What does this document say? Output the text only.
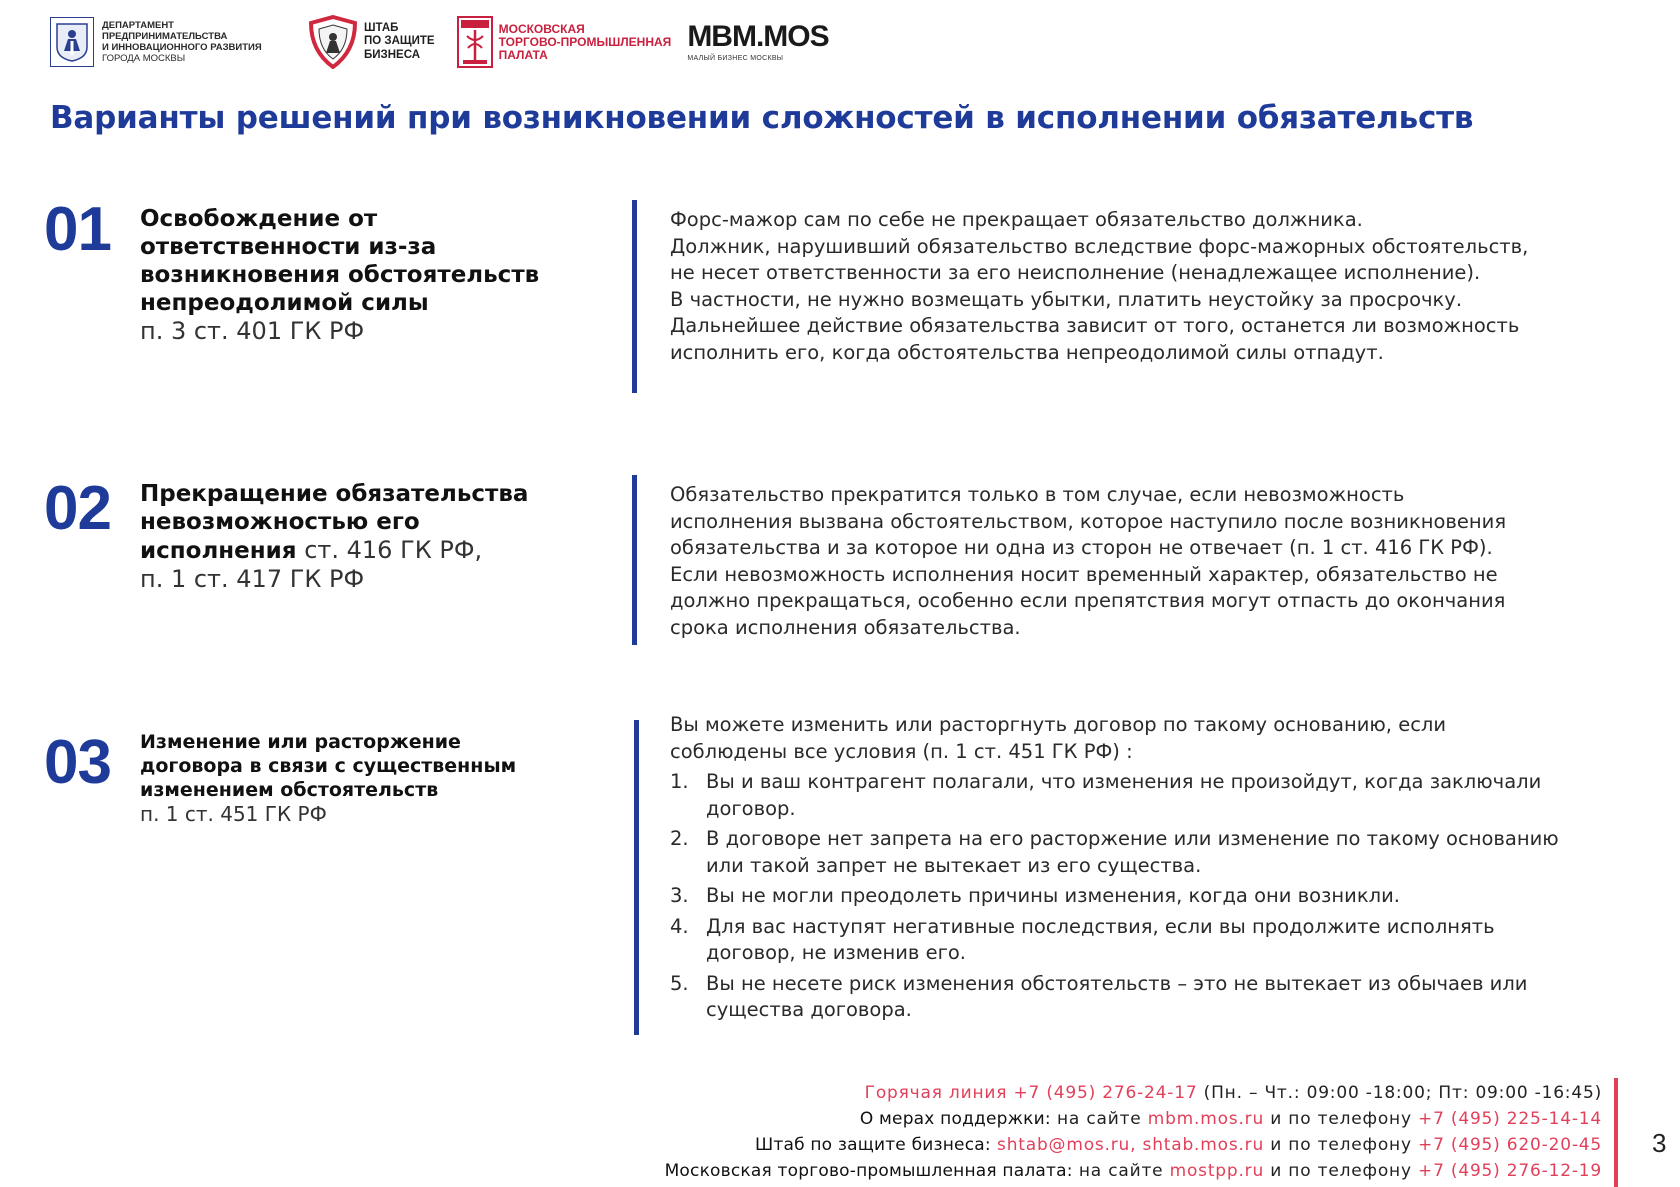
ДЕПАРТАМЕНТ
ПРЕДПРИНИМАТЕЛЬСТВА
И ИННОВАЦИОННОГО РАЗВИТИЯ
ГОРОДА МОСКВЫ
ШТАБ
ПО ЗАЩИТЕ
БИЗНЕСА
МОСКОВСКАЯ
ТОРГОВО-ПРОМЫШЛЕННАЯ
ПАЛАТА
MBM.MOS
МАЛЫЙ БИЗНЕС МОСКВЫ
Варианты решений при возникновении сложностей в исполнении обязательств
01 Освобождение от
ответственности из-за
возникновения обстоятельств
непреодолимой силы
п. 3 ст. 401 ГК РФ

Форс-мажор сам по себе не прекращает обязательство должника.

Должник, нарушивший обязательство вследствие форс-мажорных обстоятельств,

не несет ответственности за его неисполнение (ненадлежащее исполнение).

В частности, не нужно возмещать убытки, платить неустойку за просрочку.

Дальнейшее действие обязательства зависит от того, останется ли возможность

исполнить его, когда обстоятельства непреодолимой силы отпадут.

02 Прекращение обязательства
невозможностью его
исполнения ст. 416 ГК РФ,
п. 1 ст. 417 ГК РФ

Обязательство прекратится только в том случае, если невозможность

исполнения вызвана обстоятельством, которое наступило после возникновения

обязательства и за которое ни одна из сторон не отвечает (п. 1 ст. 416 ГК РФ).

Если невозможность исполнения носит временный характер, обязательство не

должно прекращаться, особенно если препятствия могут отпасть до окончания

срока исполнения обязательства.

03 Изменение или расторжение
договора в связи с существенным
изменением обстоятельств
п. 1 ст. 451 ГК РФ

Вы можете изменить или расторгнуть договор по такому основанию, если

соблюдены все условия (п. 1 ст. 451 ГК РФ) :

1. Вы и ваш контрагент полагали, что изменения не произойдут, когда заключали договор.
2. В договоре нет запрета на его расторжение или изменение по такому основанию или такой запрет не вытекает из его существа.
3. Вы не могли преодолеть причины изменения, когда они возникли.
4. Для вас наступят негативные последствия, если вы продолжите исполнять договор, не изменив его.
5. Вы не несете риск изменения обстоятельств – это не вытекает из обычаев или существа договора.
Горячая линия +7 (495) 276-24-17 (Пн. – Чт.: 09:00 -18:00; Пт: 09:00 -16:45)
О мерах поддержки: на сайте mbm.mos.ru и по телефону +7 (495) 225-14-14
Штаб по защите бизнеса: shtab@mos.ru, shtab.mos.ru и по телефону +7 (495) 620-20-45
Московская торгово-промышленная палата: на сайте mostpp.ru и по телефону +7 (495) 276-12-19
3
